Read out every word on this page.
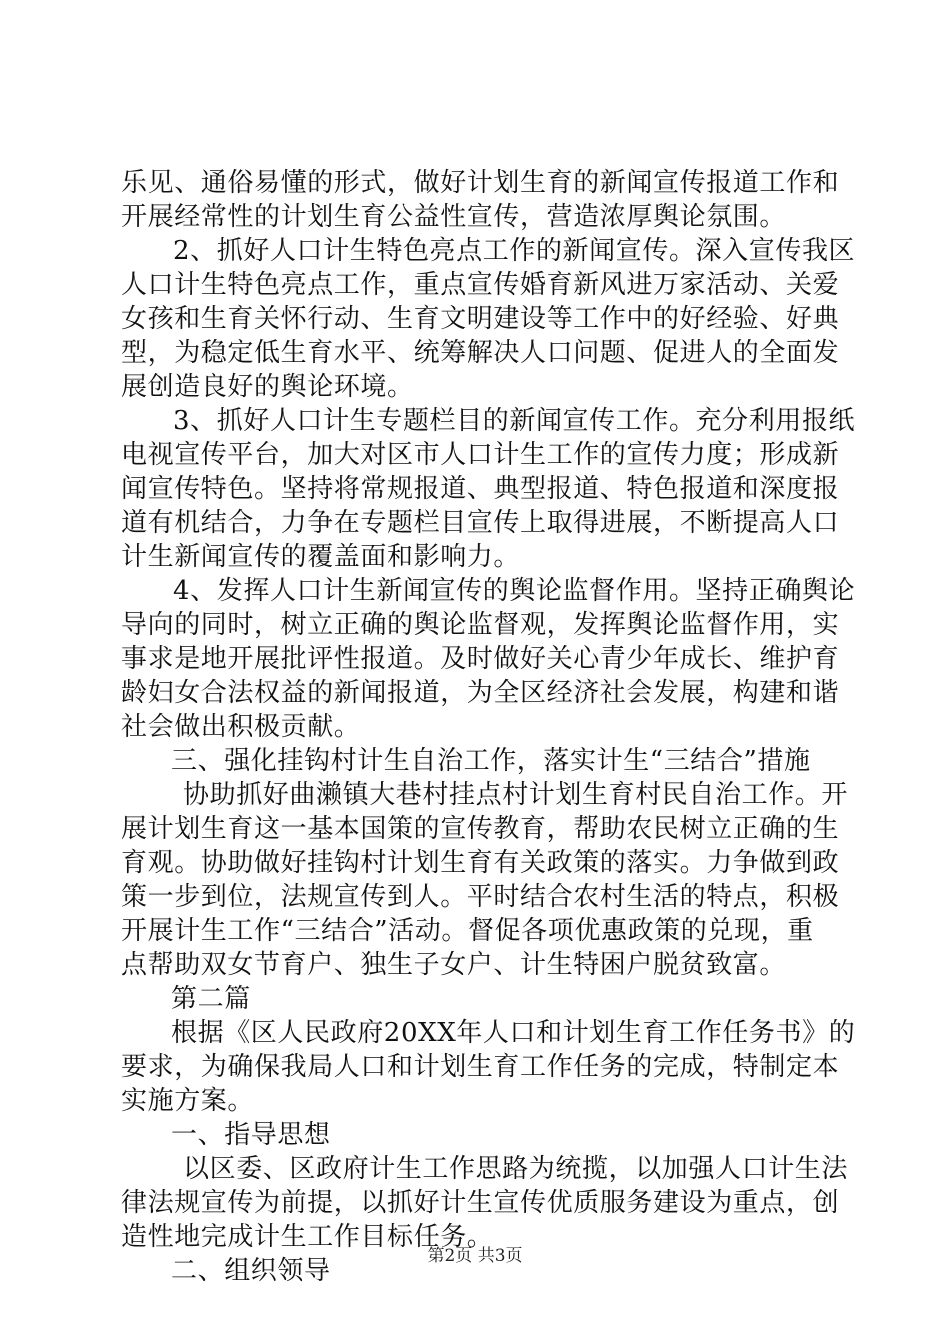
乐见、通俗易懂的形式，做好计划生育的新闻宣传报道工作和
开展经常性的计划生育公益性宣传，营造浓厚舆论氛围。
2、抓好人口计生特色亮点工作的新闻宣传。深入宣传我区
人口计生特色亮点工作，重点宣传婚育新风进万家活动、关爱
女孩和生育关怀行动、生育文明建设等工作中的好经验、好典
型，为稳定低生育水平、统筹解决人口问题、促进人的全面发
展创造良好的舆论环境。
3、抓好人口计生专题栏目的新闻宣传工作。充分利用报纸
电视宣传平台，加大对区市人口计生工作的宣传力度；形成新
闻宣传特色。坚持将常规报道、典型报道、特色报道和深度报
道有机结合，力争在专题栏目宣传上取得进展，不断提高人口
计生新闻宣传的覆盖面和影响力。
4、发挥人口计生新闻宣传的舆论监督作用。坚持正确舆论
导向的同时，树立正确的舆论监督观，发挥舆论监督作用，实
事求是地开展批评性报道。及时做好关心青少年成长、维护育
龄妇女合法权益的新闻报道，为全区经济社会发展，构建和谐
社会做出积极贡献。
三、强化挂钩村计生自治工作，落实计生“三结合”措施
协助抓好曲濑镇大巷村挂点村计划生育村民自治工作。开
展计划生育这一基本国策的宣传教育，帮助农民树立正确的生
育观。协助做好挂钩村计划生育有关政策的落实。力争做到政
策一步到位，法规宣传到人。平时结合农村生活的特点，积极
开展计生工作“三结合”活动。督促各项优惠政策的兑现，重
点帮助双女节育户、独生子女户、计生特困户脱贫致富。
第二篇
根据《区人民政府20XX年人口和计划生育工作任务书》的
要求，为确保我局人口和计划生育工作任务的完成，特制定本
实施方案。
一、指导思想
以区委、区政府计生工作思路为统揽，以加强人口计生法
律法规宣传为前提，以抓好计生宣传优质服务建设为重点，创
造性地完成计生工作目标任务。
二、组织领导	第2页 共3页
